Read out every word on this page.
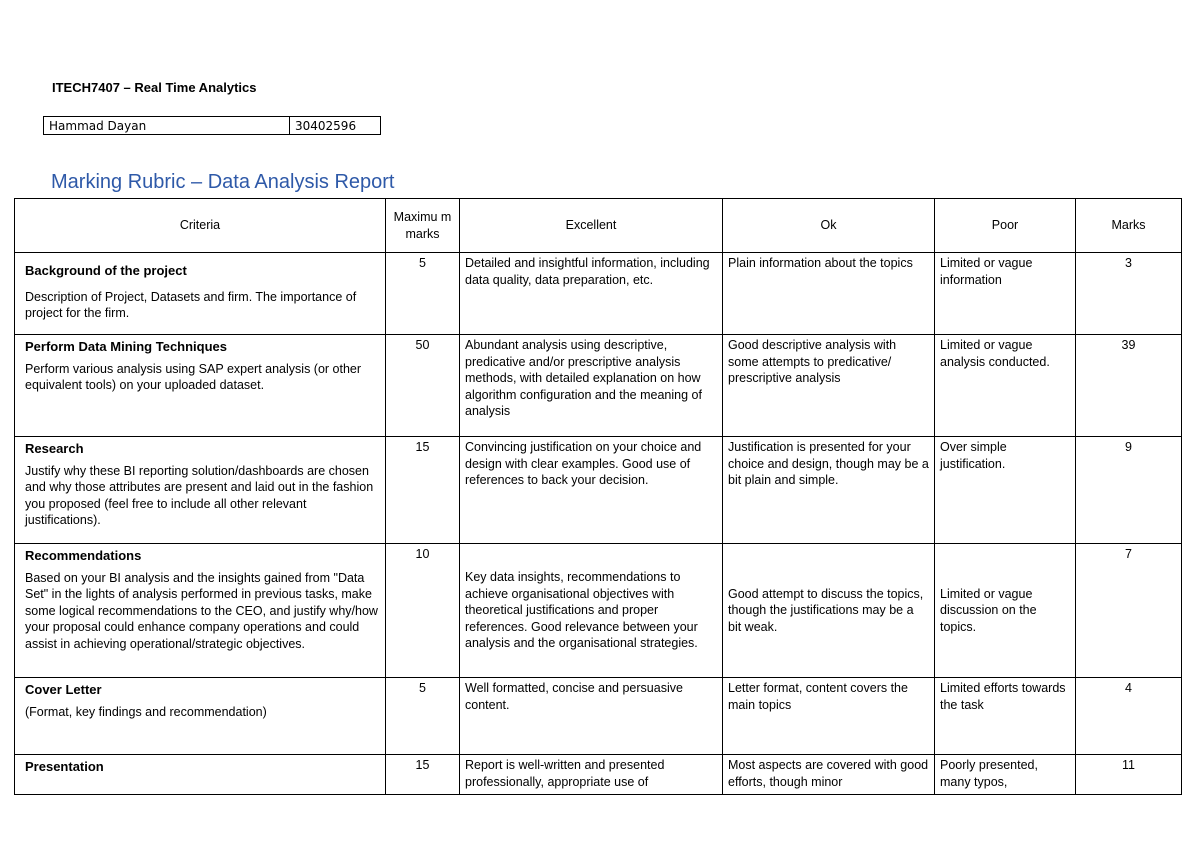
ITECH7407 – Real Time Analytics
Hammad Dayan	30402596
Marking Rubric – Data Analysis Report
Criteria	Maximu m marks	Excellent	Ok	Poor	Marks

Background of the project
Description of Project, Datasets and firm. The importance of project for the firm.	5	Detailed and insightful information, including data quality, data preparation, etc.	Plain information about the topics	Limited or vague information	3

Perform Data Mining Techniques
Perform various analysis using SAP expert analysis (or other equivalent tools) on your uploaded dataset.	50	Abundant analysis using descriptive, predicative and/or prescriptive analysis methods, with detailed explanation on how algorithm configuration and the meaning of analysis	Good descriptive analysis with some attempts to predicative/ prescriptive analysis	Limited or vague analysis conducted.	39

Research
Justify why these BI reporting solution/dashboards are chosen and why those attributes are present and laid out in the fashion you proposed (feel free to include all other relevant justifications).	15	Convincing justification on your choice and design with clear examples. Good use of references to back your decision.	Justification is presented for your choice and design, though may be a bit plain and simple.	Over simple justification.	9

Recommendations
Based on your BI analysis and the insights gained from "Data Set" in the lights of analysis performed in previous tasks, make some logical recommendations to the CEO, and justify why/how your proposal could enhance company operations and could assist in achieving operational/strategic objectives.	10	Key data insights, recommendations to achieve organisational objectives with theoretical justifications and proper references. Good relevance between your analysis and the organisational strategies.	Good attempt to discuss the topics, though the justifications may be a bit weak.	Limited or vague discussion on the topics.	7

Cover Letter
(Format, key findings and recommendation)	5	Well formatted, concise and persuasive content.	Letter format, content covers the main topics	Limited efforts towards the task	4

Presentation	15	Report is well-written and presented professionally, appropriate use of	Most aspects are covered with good efforts, though minor	Poorly presented, many typos,	11
